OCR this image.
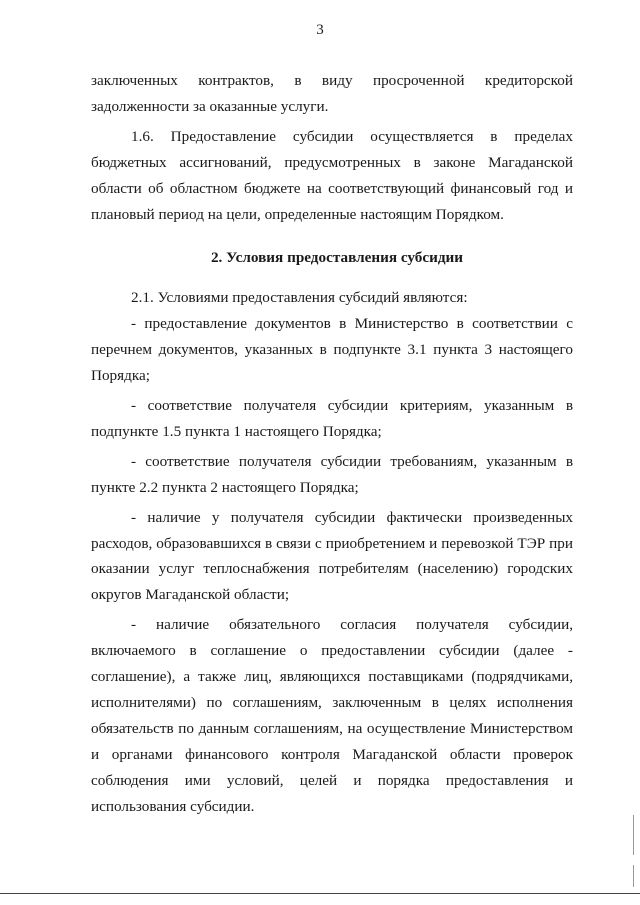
3

заключенных контрактов, в виду просроченной кредиторской задолженности за оказанные услуги.

1.6. Предоставление субсидии осуществляется в пределах бюджетных ассигнований, предусмотренных в законе Магаданской области об областном бюджете на соответствующий финансовый год и плановый период на цели, определенные настоящим Порядком.

2. Условия предоставления субсидии

2.1. Условиями предоставления субсидий являются:

- предоставление документов в Министерство в соответствии с перечнем документов, указанных в подпункте 3.1 пункта 3 настоящего Порядка;

- соответствие получателя субсидии критериям, указанным в подпункте 1.5 пункта 1 настоящего Порядка;

- соответствие получателя субсидии требованиям, указанным в пункте 2.2 пункта 2 настоящего Порядка;

- наличие у получателя субсидии фактически произведенных расходов, образовавшихся в связи с приобретением и перевозкой ТЭР при оказании услуг теплоснабжения потребителям (населению) городских округов Магаданской области;

- наличие обязательного согласия получателя субсидии, включаемого в соглашение о предоставлении субсидии (далее - соглашение), а также лиц, являющихся поставщиками (подрядчиками, исполнителями) по соглашениям, заключенным в целях исполнения обязательств по данным соглашениям, на осуществление Министерством и органами финансового контроля Магаданской области проверок соблюдения ими условий, целей и порядка предоставления и использования субсидии.
